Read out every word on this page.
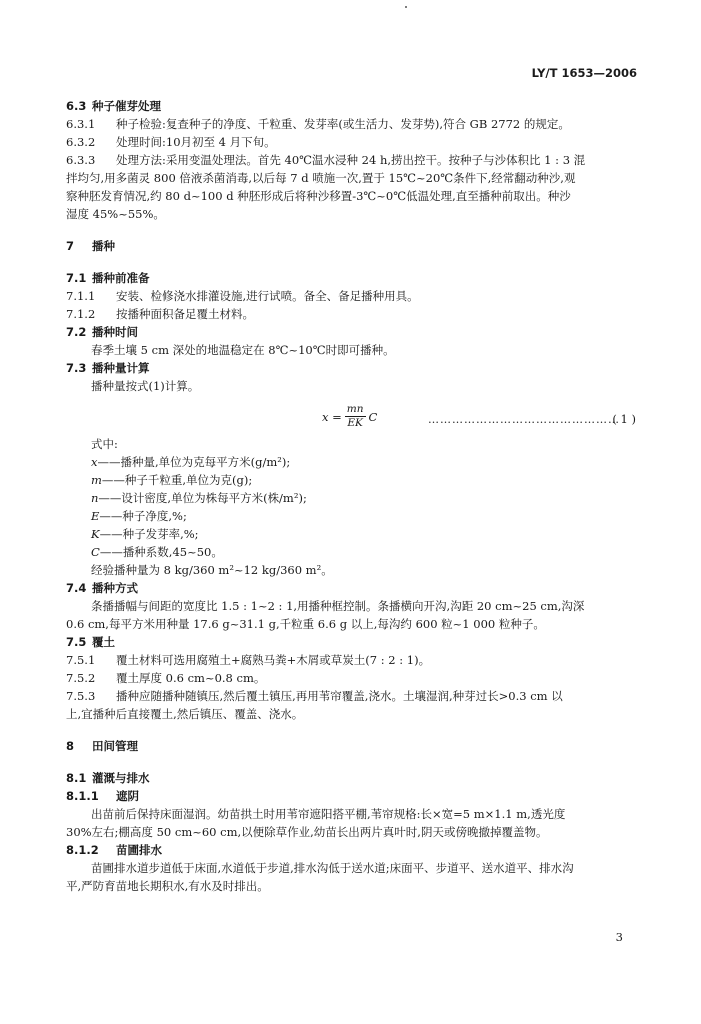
LY/T 1653—2006
6.3 种子催芽处理
6.3.1 种子检验:复查种子的净度、千粒重、发芽率(或生活力、发芽势),符合 GB 2772 的规定。
6.3.2 处理时间:10月初至 4 月下旬。
6.3.3 处理方法:采用变温处理法。首先 40℃温水浸种 24 h,捞出控干。按种子与沙体积比 1 : 3 混
拌均匀,用多菌灵 800 倍液杀菌消毒,以后每 7 d 喷施一次,置于 15℃~20℃条件下,经常翻动种沙,观
察种胚发育情况,约 80 d~100 d 种胚形成后将种沙移置-3℃~0℃低温处理,直至播种前取出。种沙
湿度 45%~55%。
7 播种
7.1 播种前准备
7.1.1 安装、检修浇水排灌设施,进行试喷。备全、备足播种用具。
7.1.2 按播种面积备足覆土材料。
7.2 播种时间
春季土壤 5 cm 深处的地温稳定在 8℃~10℃时即可播种。
7.3 播种量计算
播种量按式(1)计算。
$x = \frac{mn}{EK}$ C	…………………………………………
( 1 )
式中:
x——播种量,单位为克每平方米(g/m²);
m——种子千粒重,单位为克(g);
n——设计密度,单位为株每平方米(株/m²);
E——种子净度,%;
K——种子发芽率,%;
C——播种系数,45~50。
经验播种量为 8 kg/360 m²~12 kg/360 m²。
7.4 播种方式
条播播幅与间距的宽度比 1.5 : 1~2 : 1,用播种框控制。条播横向开沟,沟距 20 cm~25 cm,沟深
0.6 cm,每平方米用种量 17.6 g~31.1 g,千粒重 6.6 g 以上,每沟约 600 粒~1 000 粒种子。
7.5 覆土
7.5.1 覆土材料可选用腐殖土+腐熟马粪+木屑或草炭土(7 : 2 : 1)。
7.5.2 覆土厚度 0.6 cm~0.8 cm。
7.5.3 播种应随播种随镇压,然后覆土镇压,再用苇帘覆盖,浇水。土壤湿润,种芽过长>0.3 cm 以
上,宜播种后直接覆土,然后镇压、覆盖、浇水。
8 田间管理
8.1 灌溉与排水
8.1.1 遮阴
出苗前后保持床面湿润。幼苗拱土时用苇帘遮阳搭平棚,苇帘规格:长×宽=5 m×1.1 m,透光度
30%左右;棚高度 50 cm~60 cm,以便除草作业,幼苗长出两片真叶时,阴天或傍晚撤掉覆盖物。
8.1.2 苗圃排水
苗圃排水道步道低于床面,水道低于步道,排水沟低于送水道;床面平、步道平、送水道平、排水沟
平,严防育苗地长期积水,有水及时排出。
3
